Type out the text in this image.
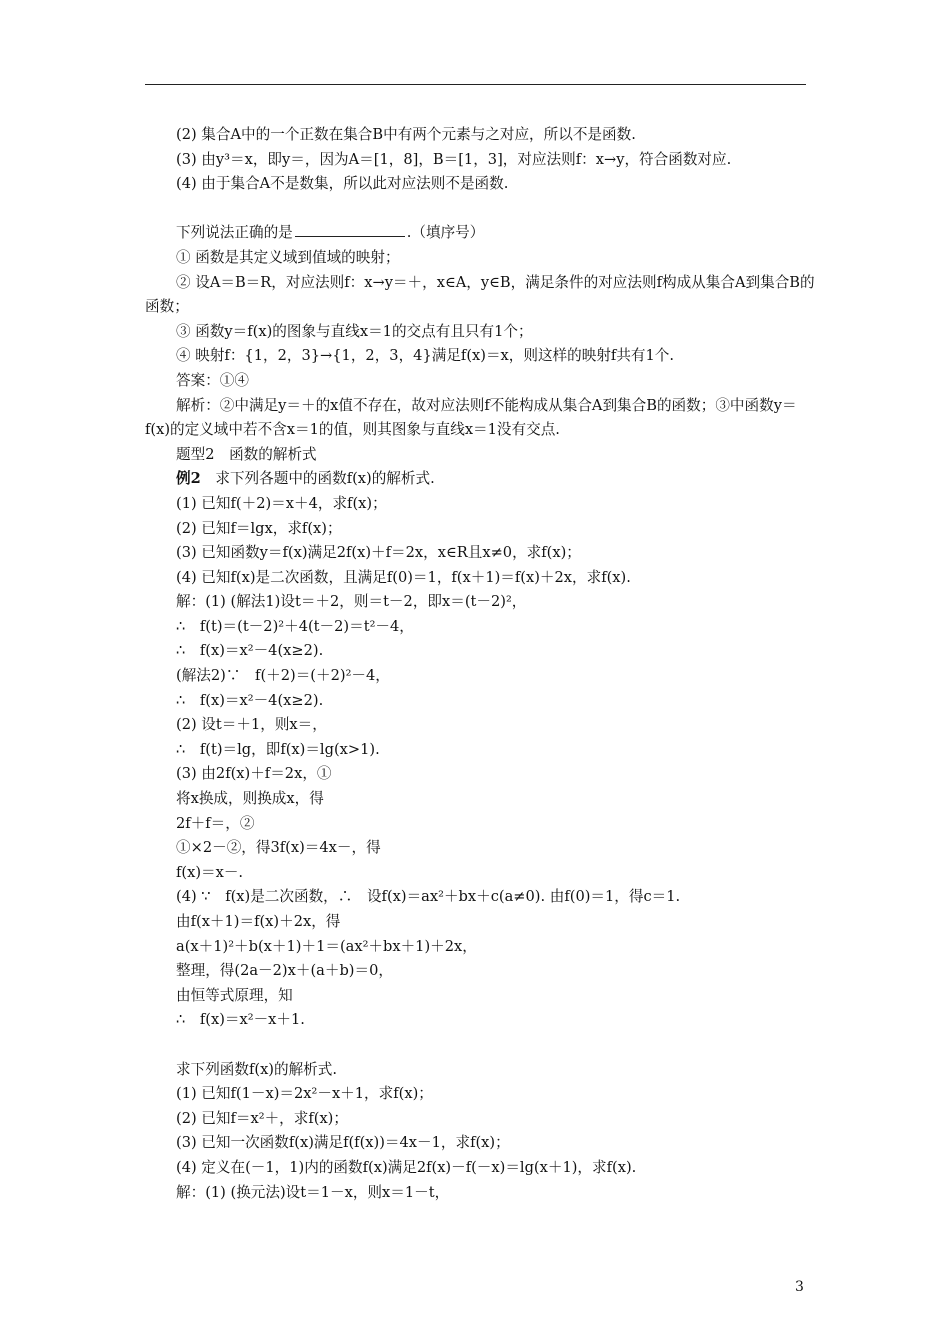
(2) 集合A中的一个正数在集合B中有两个元素与之对应，所以不是函数.
(3) 由y³＝x，即y＝，因为A＝[1，8]，B＝[1，3]，对应法则f：x→y，符合函数对应.
(4) 由于集合A不是数集，所以此对应法则不是函数.
下列说法正确的是	.（填序号）
① 函数是其定义域到值域的映射；
② 设A＝B＝R，对应法则f：x→y＝＋，x∈A，y∈B，满足条件的对应法则f构成从集合A到集合B的函数；
③ 函数y＝f(x)的图象与直线x＝1的交点有且只有1个；
④ 映射f：{1，2，3}→{1，2，3，4}满足f(x)＝x，则这样的映射f共有1个.
答案：①④
解析：②中满足y＝＋的x值不存在，故对应法则f不能构成从集合A到集合B的函数；③中函数y＝f(x)的定义域中若不含x＝1的值，则其图象与直线x＝1没有交点.
题型2　函数的解析式
例2　求下列各题中的函数f(x)的解析式.
(1) 已知f(＋2)＝x＋4，求f(x)；
(2) 已知f＝lgx，求f(x)；
(3) 已知函数y＝f(x)满足2f(x)＋f＝2x，x∈R且x≠0，求f(x)；
(4) 已知f(x)是二次函数，且满足f(0)＝1，f(x＋1)＝f(x)＋2x，求f(x).
解：(1) (解法1)设t＝＋2，则＝t－2，即x＝(t－2)²，
∴　f(t)＝(t－2)²＋4(t－2)＝t²－4，
∴　f(x)＝x²－4(x≥2).
(解法2)∵　f(＋2)＝(＋2)²－4，
∴　f(x)＝x²－4(x≥2).
(2) 设t＝＋1，则x＝，
∴　f(t)＝lg，即f(x)＝lg(x>1).
(3) 由2f(x)＋f＝2x，①
将x换成，则换成x，得
2f＋f＝，②
①×2－②，得3f(x)＝4x－，得
f(x)＝x－.
(4) ∵　f(x)是二次函数，∴　设f(x)＝ax²＋bx＋c(a≠0). 由f(0)＝1，得c＝1.
由f(x＋1)＝f(x)＋2x，得
a(x＋1)²＋b(x＋1)＋1＝(ax²＋bx＋1)＋2x，
整理，得(2a－2)x＋(a＋b)＝0，
由恒等式原理，知
∴　f(x)＝x²－x＋1.
求下列函数f(x)的解析式.
(1) 已知f(1－x)＝2x²－x＋1，求f(x)；
(2) 已知f＝x²＋，求f(x)；
(3) 已知一次函数f(x)满足f(f(x))＝4x－1，求f(x)；
(4) 定义在(－1，1)内的函数f(x)满足2f(x)－f(－x)＝lg(x＋1)，求f(x).
解：(1) (换元法)设t＝1－x，则x＝1－t，
3
